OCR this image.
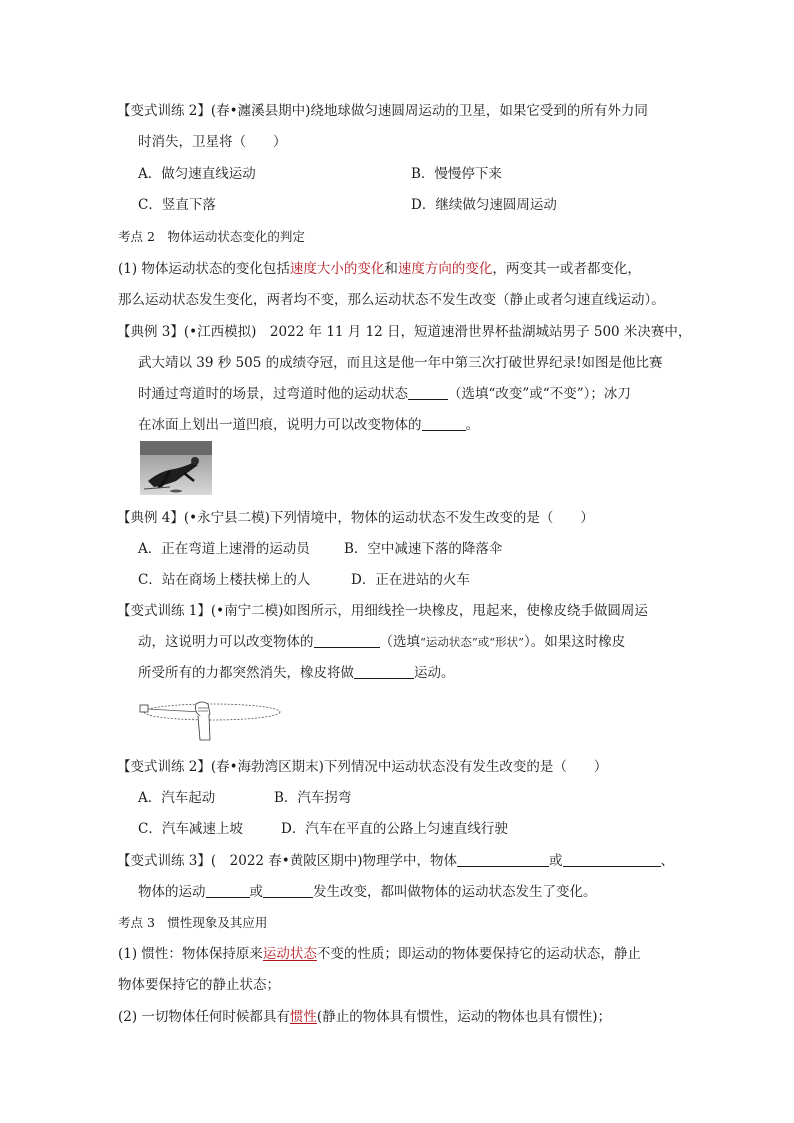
【变式训练 2】(春•瀍溪县期中)绕地球做匀速圆周运动的卫星，如果它受到的所有外力同
时消失，卫星将（　　）
A．做匀速直线运动	B．慢慢停下来
C．竖直下落	D．继续做匀速圆周运动
考点 2　物体运动状态变化的判定
(1) 物体运动状态的变化包括速度大小的变化和速度方向的变化，两变其一或者都变化，
那么运动状态发生变化，两者均不变，那么运动状态不发生改变（静止或者匀速直线运动）。
【典例 3】(•江西模拟)　2022 年 11 月 12 日，短道速滑世界杯盐湖城站男子 500 米决赛中，
武大靖以 39 秒 505 的成绩夺冠，而且这是他一年中第三次打破世界纪录!如图是他比赛
时通过弯道时的场景，过弯道时他的运动状态	（选填“改变”或“不变”）；冰刀
在冰面上划出一道凹痕，说明力可以改变物体的	。
【典例 4】(•永宁县二模)下列情境中，物体的运动状态不发生改变的是（　　）
A．正在弯道上速滑的运动员	B．空中减速下落的降落伞
C．站在商场上楼扶梯上的人	D．正在进站的火车
【变式训练 1】(•南宁二模)如图所示，用细线拴一块橡皮，甩起来，使橡皮绕手做圆周运
动，这说明力可以改变物体的	（选填“运动状态”或“形状”）。如果这时橡皮
所受所有的力都突然消失，橡皮将做	运动。
【变式训练 2】(春•海勃湾区期末)下列情况中运动状态没有发生改变的是（　　）
A．汽车起动	B．汽车拐弯
C．汽车减速上坡	D．汽车在平直的公路上匀速直线行驶
【变式训练 3】(　2022 春•黄陂区期中)物理学中，物体	或	、
物体的运动	或	发生改变，都叫做物体的运动状态发生了变化。
考点 3　惯性现象及其应用
(1) 惯性：物体保持原来运动状态不变的性质；即运动的物体要保持它的运动状态，静止
物体要保持它的静止状态；
(2) 一切物体任何时候都具有惯性(静止的物体具有惯性，运动的物体也具有惯性)；
